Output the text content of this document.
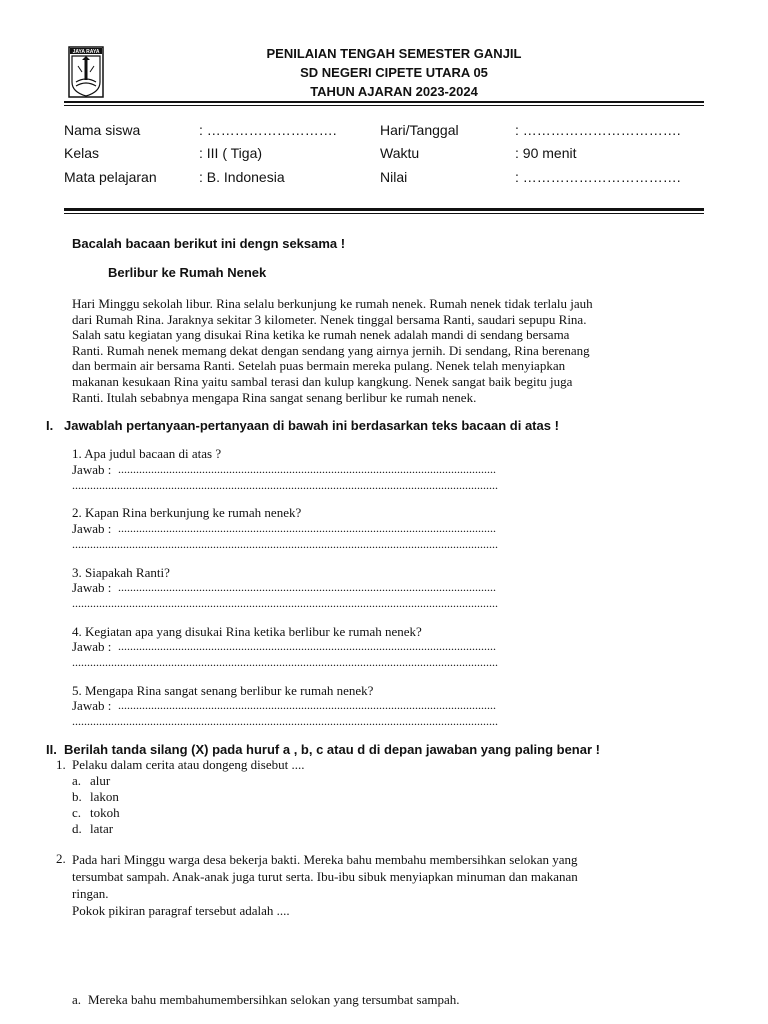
JAYA RAYA	PENILAIAN TENGAH SEMESTER GANJIL
SD NEGERI CIPETE UTARA 05
TAHUN AJARAN 2023-2024
Nama siswa	: ……………………….	Hari/Tanggal	: …………………………….
Kelas	: III ( Tiga)	Waktu	: 90 menit
Mata pelajaran	: B. Indonesia	Nilai	: …………………………….
Bacalah bacaan berikut ini dengn seksama !
Berlibur ke Rumah Nenek
Hari Minggu sekolah libur. Rina selalu berkunjung ke rumah nenek. Rumah nenek tidak terlalu jauh
dari Rumah Rina. Jaraknya sekitar 3 kilometer. Nenek tinggal bersama Ranti, saudari sepupu Rina.
Salah satu kegiatan yang disukai Rina ketika ke rumah nenek adalah mandi di sendang bersama
Ranti. Rumah nenek memang dekat dengan sendang yang airnya jernih. Di sendang, Rina berenang
dan bermain air bersama Ranti. Setelah puas bermain mereka pulang. Nenek telah menyiapkan
makanan kesukaan Rina yaitu sambal terasi dan kulup kangkung. Nenek sangat baik begitu juga
Ranti. Itulah sebabnya mengapa Rina sangat senang berlibur ke rumah nenek.
I. Jawablah pertanyaan-pertanyaan di bawah ini berdasarkan teks bacaan di atas !
1. Apa judul bacaan di atas ?
Jawab : ..............................................................................................................................
..............................................................................................................................................
2. Kapan Rina berkunjung ke rumah nenek?
Jawab : ..............................................................................................................................
..............................................................................................................................................
3. Siapakah Ranti?
Jawab : ..............................................................................................................................
..............................................................................................................................................
4. Kegiatan apa yang disukai Rina ketika berlibur ke rumah nenek?
Jawab : ..............................................................................................................................
..............................................................................................................................................
5. Mengapa Rina sangat senang berlibur ke rumah nenek?
Jawab : ..............................................................................................................................
..............................................................................................................................................
II. Berilah tanda silang (X) pada huruf a , b, c atau d di depan jawaban yang paling benar !
1. Pelaku dalam cerita atau dongeng disebut ....
a. alur
b. lakon
c. tokoh
d. latar
2. Pada hari Minggu warga desa bekerja bakti. Mereka bahu membahu membersihkan selokan yang
tersumbat sampah. Anak-anak juga turut serta. Ibu-ibu sibuk menyiapkan minuman dan makanan
ringan.
Pokok pikiran paragraf tersebut adalah ....
a. Mereka bahu membahumembersihkan selokan yang tersumbat sampah.
